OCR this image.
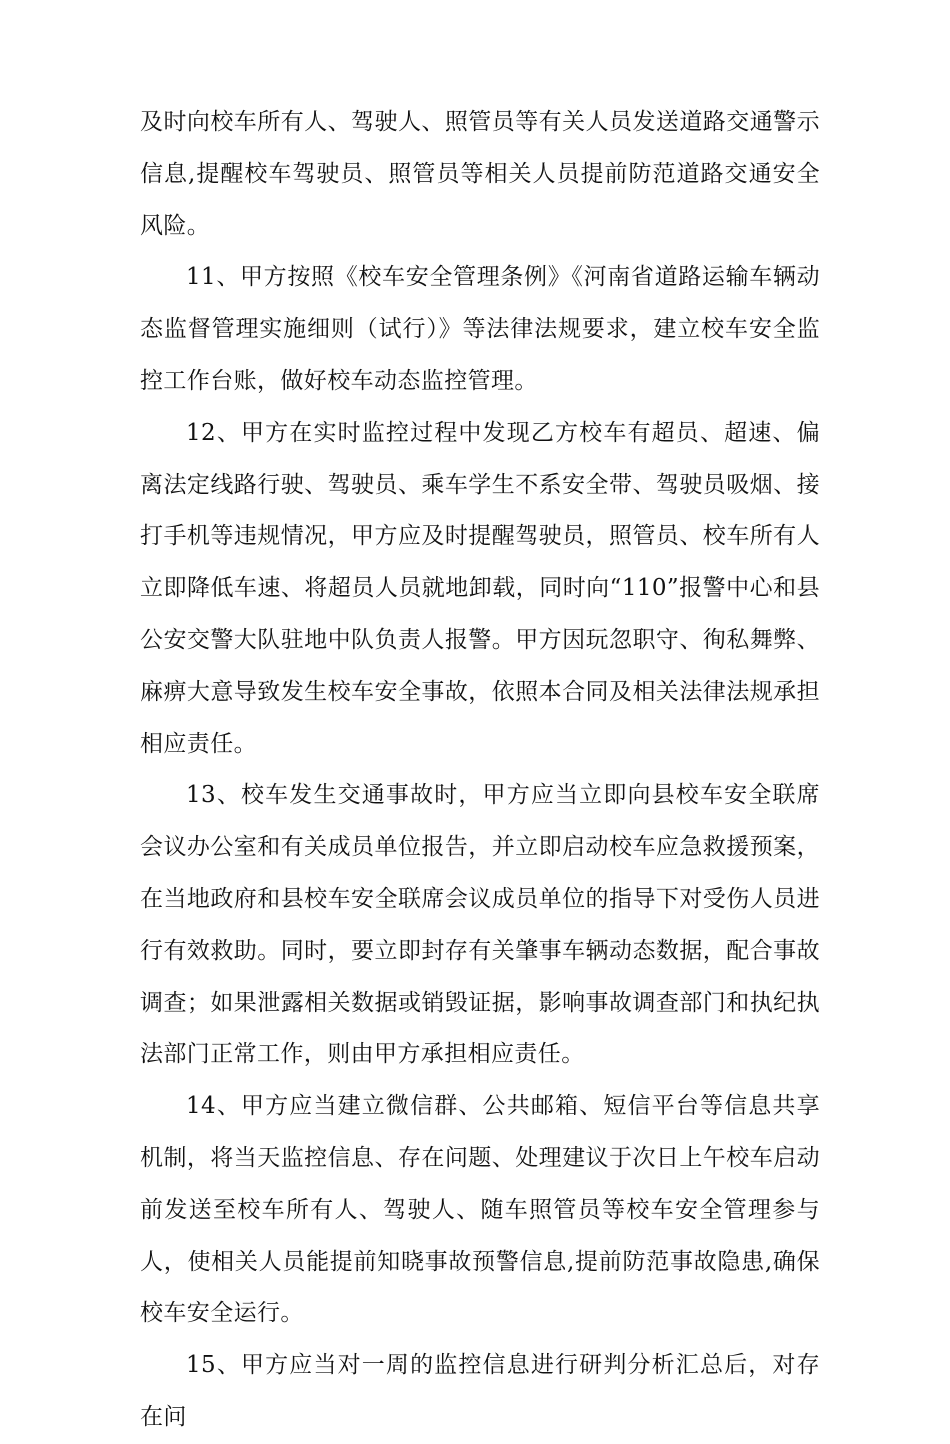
及时向校车所有人、驾驶人、照管员等有关人员发送道路交通警示信息,提醒校车驾驶员、照管员等相关人员提前防范道路交通安全风险。

11、甲方按照《校车安全管理条例》《河南省道路运输车辆动态监督管理实施细则（试行）》等法律法规要求，建立校车安全监控工作台账，做好校车动态监控管理。

12、甲方在实时监控过程中发现乙方校车有超员、超速、偏离法定线路行驶、驾驶员、乘车学生不系安全带、驾驶员吸烟、接打手机等违规情况，甲方应及时提醒驾驶员，照管员、校车所有人立即降低车速、将超员人员就地卸载，同时向“110”报警中心和县公安交警大队驻地中队负责人报警。甲方因玩忽职守、徇私舞弊、麻痹大意导致发生校车安全事故，依照本合同及相关法律法规承担相应责任。

13、校车发生交通事故时，甲方应当立即向县校车安全联席会议办公室和有关成员单位报告，并立即启动校车应急救援预案，在当地政府和县校车安全联席会议成员单位的指导下对受伤人员进行有效救助。同时，要立即封存有关肇事车辆动态数据，配合事故调查；如果泄露相关数据或销毁证据，影响事故调查部门和执纪执法部门正常工作，则由甲方承担相应责任。

14、甲方应当建立微信群、公共邮箱、短信平台等信息共享机制，将当天监控信息、存在问题、处理建议于次日上午校车启动前发送至校车所有人、驾驶人、随车照管员等校车安全管理参与人，使相关人员能提前知晓事故预警信息,提前防范事故隐患,确保校车安全运行。

15、甲方应当对一周的监控信息进行研判分析汇总后，对存在问
